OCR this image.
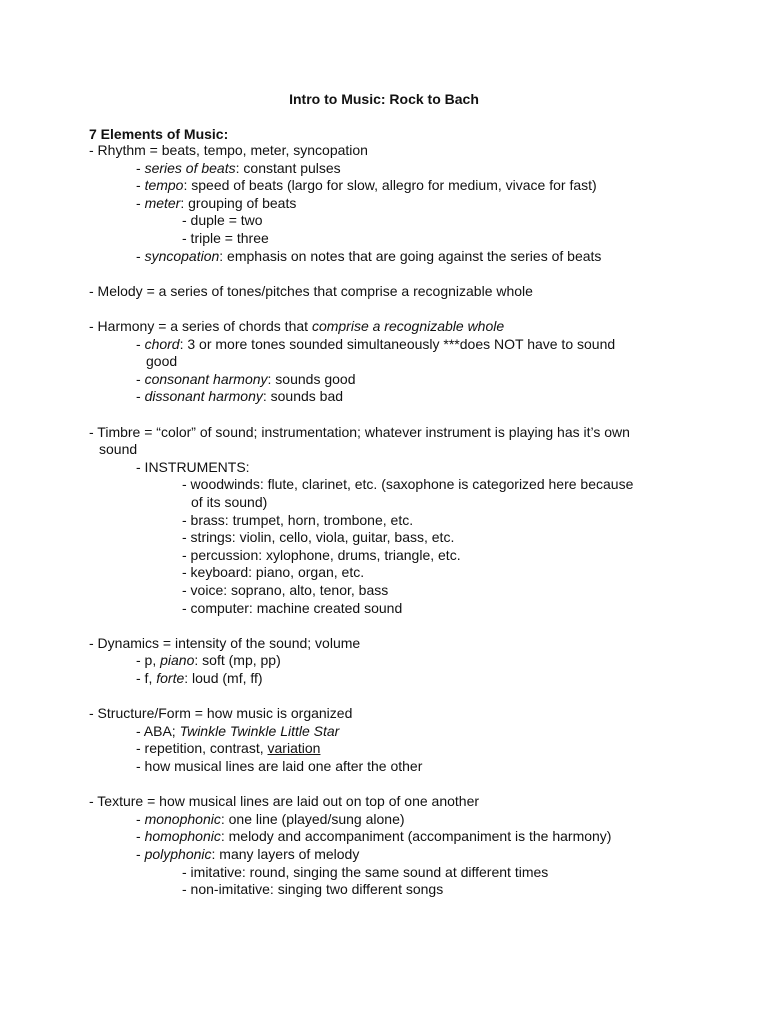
Intro to Music: Rock to Bach
7 Elements of Music:
- Rhythm = beats, tempo, meter, syncopation
- series of beats: constant pulses
- tempo: speed of beats (largo for slow, allegro for medium, vivace for fast)
- meter: grouping of beats
- duple = two
- triple = three
- syncopation: emphasis on notes that are going against the series of beats
- Melody = a series of tones/pitches that comprise a recognizable whole
- Harmony = a series of chords that comprise a recognizable whole
- chord: 3 or more tones sounded simultaneously ***does NOT have to sound
good
- consonant harmony: sounds good
- dissonant harmony: sounds bad
- Timbre = “color” of sound; instrumentation; whatever instrument is playing has it’s own
sound
- INSTRUMENTS:
- woodwinds: flute, clarinet, etc. (saxophone is categorized here because
of its sound)
- brass: trumpet, horn, trombone, etc.
- strings: violin, cello, viola, guitar, bass, etc.
- percussion: xylophone, drums, triangle, etc.
- keyboard: piano, organ, etc.
- voice: soprano, alto, tenor, bass
- computer: machine created sound
- Dynamics = intensity of the sound; volume
- p, piano: soft (mp, pp)
- f, forte: loud (mf, ff)
- Structure/Form = how music is organized
- ABA; Twinkle Twinkle Little Star
- repetition, contrast, variation
- how musical lines are laid one after the other
- Texture = how musical lines are laid out on top of one another
- monophonic: one line (played/sung alone)
- homophonic: melody and accompaniment (accompaniment is the harmony)
- polyphonic: many layers of melody
- imitative: round, singing the same sound at different times
- non-imitative: singing two different songs
